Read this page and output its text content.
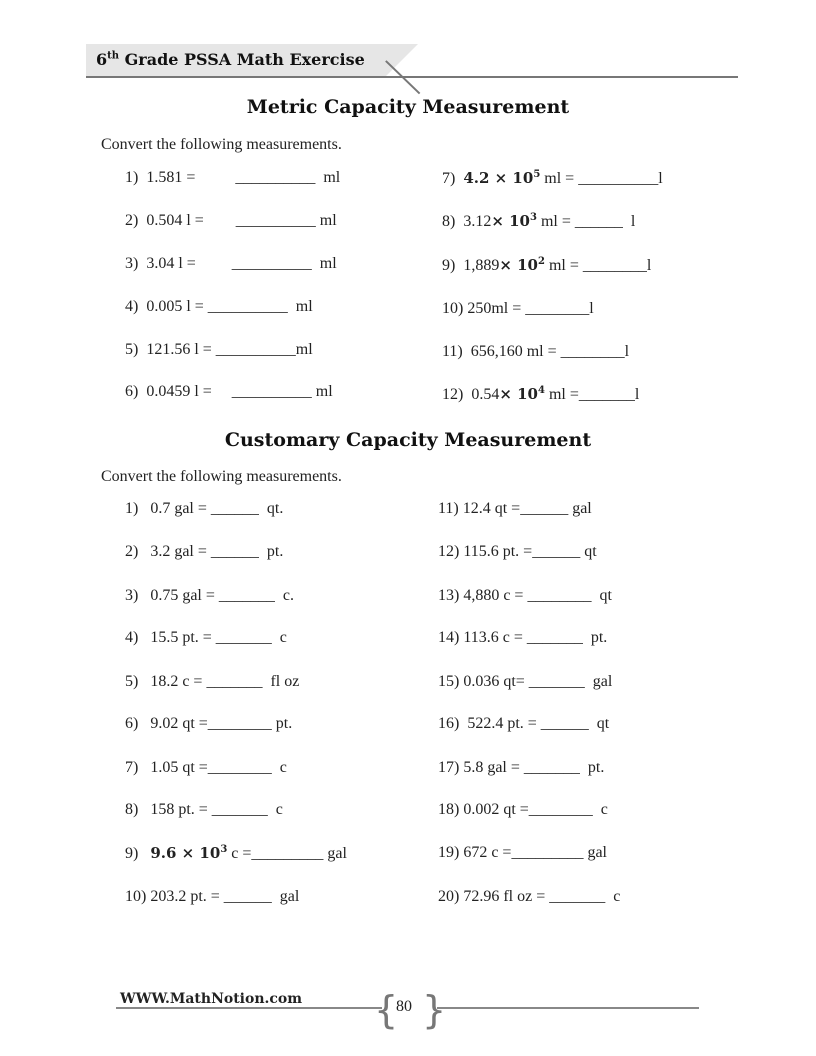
6th Grade PSSA Math Exercise
Metric Capacity Measurement
Convert the following measurements.
1)  1.581 =          __________  ml
2)  0.504 l =        __________ ml
3)  3.04 l =         __________  ml
4)  0.005 l = __________  ml
5)  121.56 l = __________ml
6)  0.0459 l =     __________ ml
7)  $4.2 \times 10^5$ ml = __________l
8)  $3.12\times 10^3$ ml = ______  l
9)  $1,889\times 10^2$ ml = ________l
10) 250ml = ________l
11)  656,160 ml = ________l
12)  $0.54\times 10^4$ ml =_______l
Customary Capacity Measurement
Convert the following measurements.
1)   0.7 gal = ______  qt.
2)   3.2 gal = ______  pt.
3)   0.75 gal = _______  c.
4)   15.5 pt. = _______  c
5)   18.2 c = _______  fl oz
6)   9.02 qt =________ pt.
7)   1.05 qt =________  c
8)   158 pt. = _______  c
9)   $9.6 \times 10^3$ c =_________ gal
10) 203.2 pt. = ______  gal
11) 12.4 qt =______ gal
12) 115.6 pt. =______ qt
13) 4,880 c = ________  qt
14) 113.6 c = _______  pt.
15) 0.036 qt= _______  gal
16)  522.4 pt. = ______  qt
17) 5.8 gal = _______  pt.
18) 0.002 qt =________  c
19) 672 c =_________ gal
20) 72.96 fl oz = _______  c
WWW.MathNotion.com { }
80
